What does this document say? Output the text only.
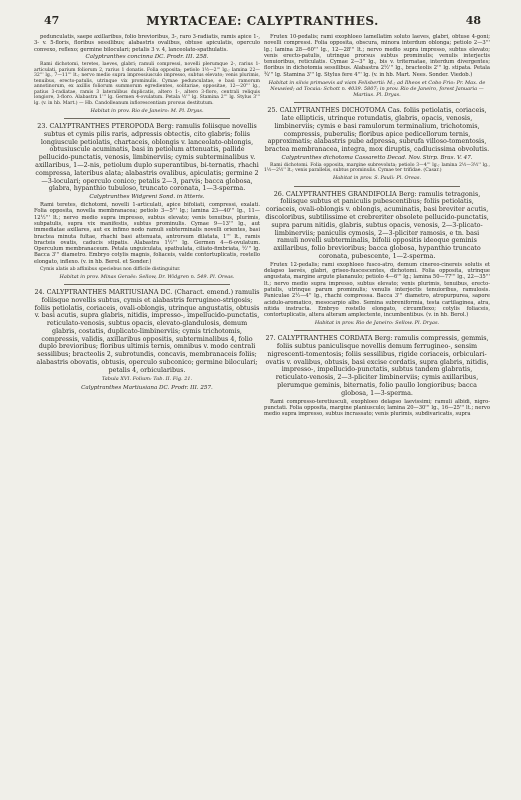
47	MYRTACEAE: CALYPTRANTHES.	48
pedunculatis, saepe axillaribus, folio brevioribus, 3-, raro 3-radiatis, ramis apice 1-, 3- v. 5-floris, floribus sessilibus; alabastris ovalibus, obtuse apiculatis, operculo convexo, reflexo; germine biloculari; petalis 3 v. 4, lanceolato-spathulatis.
Calyptranthes concinna DC. Prodr. III. 258.
Rami dichotomi, teretes, laeves, glabri; ramuli compressi, novelli plerumque 2-, rarius 1-articulati, parium foliorum 2, rarius 1 donatis. Folia opposita; petiolo 1½—2''' lg.; lamina 22—32''' lg., 7—11''' lt.; nervo medio supra impressiusculo impresso, subtus elevato; venis plurimis, tenuibus, erecto-patulis, utrinque vix prominulis. Cymae pedunculatae, e basi ramorum annotinorum, ex axillis foliorum summorum egredientes, solitariae, oppositae, 12—20''' lg., patius 3-radiatae, ramis 3 lateralibus duplicatis, altero 1-, altero 3-floro, centrali reliquis longiore, 3-floro. Alabastra 1''' lg. Germen 4-ovulatum. Petala ½''' lg. Stamina 2''' lg. Stylus 3''' lg. (v. in hb. Mart.) — Hb. Candolleanum inflorescentiam prorsus destitutum.
Habitat in prov. Rio de Janeiro: M. Pl. Dryas.
23. CALYPTRANTHES PTEROPODA Berg: ramulis foliisque novellis subtus et cymis pilis raris, adpressis obtectis, cito glabris; foliis longiuscule petiolatis, chartaceis, oblongis v. lanceolato-oblongis, obtusiuscule acuminatis, basi in petiolum attenuatis, pallide pellucido-punctatis, venosis, limbinerviis; cymis subterminalibus v. axillaribus, 1—2-nis, petiolum duplo superantibus, bi-ternatis, rhachi compressa, lateribus alata; alabastris ovalibus, apiculatis; germine 2—3-loculari; operculo conico; petalis 2—3, parvis; bacca globosa, glabra, hypanthio tubuloso, truncato coronata, 1—3-sperma.
Calyptranthes Widgreni Sond. in litteris.
Rami teretes, dichotomi, novelli 1-articulati, apice bifoliati, compressi, exalati. Folia opposita, novella membranacea; petiolo 3—5''' lg.; lamina 23—40''' lg., 11—12½''' lt.; nervo medio supra impresso, subtus elevato; venis tenuibus, plurimis, subpatulis, supra vix manifestis, subtus prominulis. Cymae 9—13''' lg., aut immediatae axillares, aut ex infimo nodo ramuli subterminalis novelli orientes, basi bractea minuta fultae, rhachi basi attenuata, antrorsum dilatata, 1''' lt., ramis bracteis ovatis, caducis stipatis. Alabastra 1½''' lg. Germen 4—6-ovulatum. Operculum membranaceum. Petala unguiculata, spathulata, ciliato-fimbriata, ½''' lg. Bacca 3''' diametro. Embryo cotylis magnis, foliaceis, valde contortuplicatis, rostello elongato, inflexo. (v. in hb. Berol. et Sonder.)
Cymis alatis ab affinibus speciebus non difficile distinguitur.
Habitat in prov. Minas Geraës: Sellow, Dr. Widgren n. 549. Pl. Oreas.
24. CALYPTRANTHES MARTIUSIANA DC. (Charact. emend.) ramulis foliisque novellis subtus, cymis et alabastris ferrugineo-strigosis; foliis petiolatis, coriaceis, ovali-oblongis, utrinque angustatis, obtusis v. basi acutis, supra glabris, nitidis, impresso-, impellucido-punctatis, reticulato-venosis, subtus opacis, elevato-glandulosis, demum glabris, costatis, duplicato-limbinerviis; cymis trichotomis, compressis, validis, axillaribus oppositis, subterminalibus 4, folio duplo brevioribus; floribus ultimis ternis, omnibus v. modo centrali sessilibus; bracteolis 2, subrotundis, concavis, membranaceis foliis; alabastris obovatis, obtusis, operculo subconico; germine biloculari; petalis 4, orbicularibus.
Tabula XVI. Folium: Tab. II. Fig. 21.
Calyptranthes Martiusiana DC. Prodr. III. 257.
Frutex 10-pedalis; rami exophloeo lamellatim soluto laeves, glabri, obtuse 4-goni; novelli compressi. Folia opposita, obscura, minora interdum oblonga; petiolo 2—3''' lg.; lamina 28—60''' lg., 12—28''' lt.; nervo medio supra impresso, subtus elevato; venis erecto-patulis, utrinque prorsus subtus prominulis; venulis interjectis tenuioribus, reticulatis. Cymae 2—3'' lg., bis v. triternatae, interdum divergentes; floribus in dichotomia sessilibus. Alabastra 2½''' lg., bracteolis 2''' lg. stipata. Petala ¾''' lg. Stamina 3''' lg. Stylus fere 4''' lg. (v. in hb. Mart. Nees. Sonder. Viedob.)
Habitat in silvis primaevis ad viam Felisbertii: M.; ad Ilheos et Cobo Frio: Pr. Max. de Neuwied; ad Tocaia: Schott n. 4039. 5807; in prov. Rio de Janeiro, forest Januaria — Martius. Pl. Dryas.
25. CALYPTRANTHES DICHOTOMA Cas. foliis petiolatis, coriaceis, late ellipticis, utrinque rotundatis, glabris, opacis, venosis, limbinerviis; cymis e basi ramulorum terminalium, trichotomis, compressis, puberulis; floribus apice pedicellorum ternis, approximatis; alabastris pube adpressa, subrufa villoso-tomentosis, bractea membranacea, integra, mox diruptis, cadlucissima obvolutis.
Calyptranthes dichotoma Cassaretto Decad. Nov. Stirp. Bras. V. 47.
Rami dichotomi. Folia opposita, margine subrevoluta; petiolo 3—4''' lg.; lamina 2½—3½'' lg., 1½—2½'' lt.; venis parallelis, subtus prominulis. Cymae ter trifidae. (Casar.)
Habitat in prov. S. Pauli: Pl. Oreas.
26. CALYPTRANTHES GRANDIFOLIA Berg: ramulis tetragonis, foliisque subtus et paniculis pubescentibus; foliis petiolatis, coriaceis, ovali-oblongis v. oblongis, acuminatis, basi breviter acutis, discoloribus, subtilissime et crebreriter obsolete pellucido-punctatis, supra parum nitidis, glabris, subtus opacis, venosis, 2—3-plicato-limbinerviis; paniculis cymosis, 2—3-pliciter ramosis, e tn. basi ramuli novelli subterminalis, bifolii oppositis ideoque geminis axillaribus, folio brevioribus; bacca globosa, hypanthio truncato coronata, pubescente, 1—2-sperma.
Frutex 12-pedalis; rami exophloeo fusco-atro, demum cinereo-cinereis solutis et delapso laevés, glabri, griseo-fuscescentes, dichotomi. Folia opposita, utrinque angustata, margine argute plananulo; petiolo 4—6''' lg.; lamina 50—77''' lg., 22—35''' lt.; nervo medio supra impresso, subtus elevato; venis plurimis, tenuibus, erecto-patulis, utrinque parum prominulis; venulis interjectis tenuioribus, ramulosis. Paniculae 2½—4'' lg., rhachi compressa. Bacca 3''' diametro, atropurpurea, sapore acidulo-aromatico, mesocarpio albo. Semina subreniformia, testa cartilaginea, atra, nitida instructa. Embryo rostello elongato, circumflexo; cotylis foliaceis, contortuplicatis, altera alteram amplectente, incumbentibus. (v. in hb. Berol.)
Habitat in prov. Rio de Janeiro: Sellow. Pl. Dryas.
27. CALYPTRANTHES CORDATA Berg: ramulis compressis, gemmis, foliis subtus paniculisque novellis demum ferrugineo-, sensim nigrescenti-tomentosis; foliis sessilibus, rigide coriaceis, orbiculari-ovatis v. ovalibus, obtusis, basi excise cordatis, supra glabris, nitidis, impresso-, impellucido-punctatis, subtus tandem glabratis, reticulato-venosis, 2—3-pliciter limbinerviis; cymis axillaribus, plerumque geminis, biternatis, folio paullo longioribus; bacca globosa, 1—3-sperma.
Rami compresso-teretiusculi, exophloeo delapso laevissimi; ramuli albidi, nigro-punctati. Folia opposita, margine planiusculo; lamina 20—30''' lg., 16—25''' lt.; nervo medio supra impresso, subtus incrassato; venis plurimis, subdivaricatis, supra
